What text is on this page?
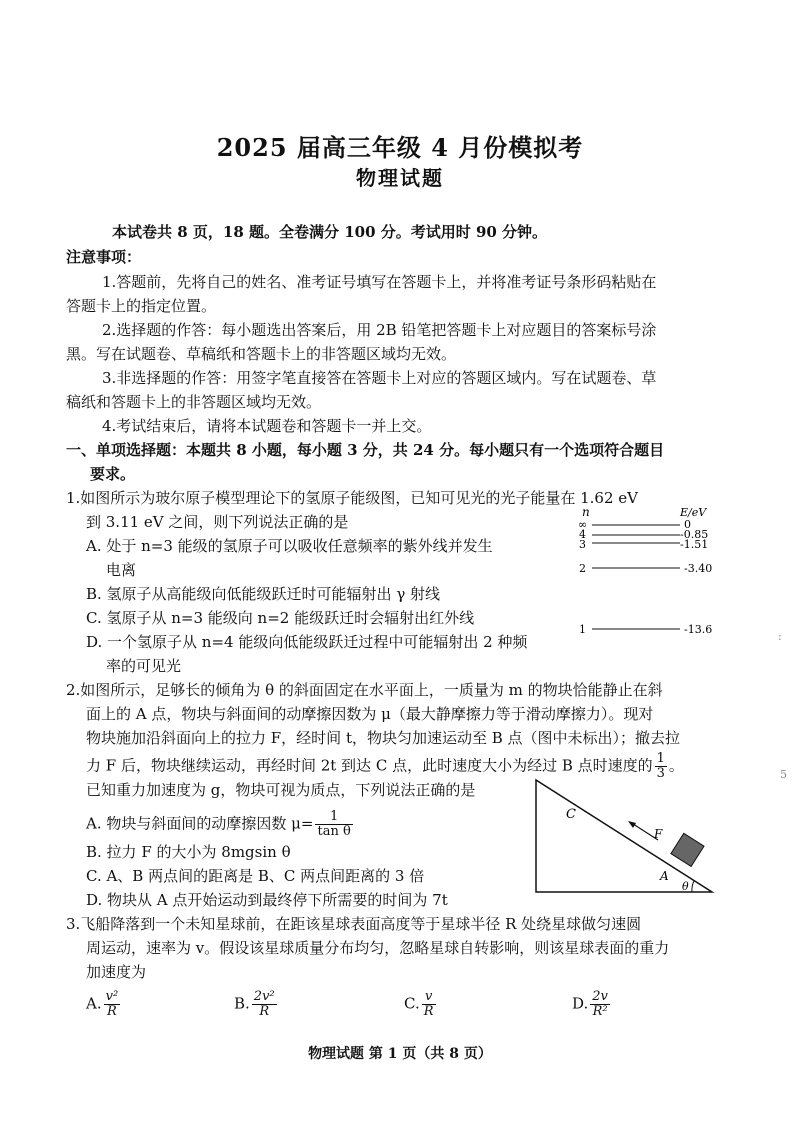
2025 届高三年级 4 月份模拟考
物理试题
本试卷共 8 页，18 题。全卷满分 100 分。考试用时 90 分钟。
注意事项：
1.答题前，先将自己的姓名、准考证号填写在答题卡上，并将准考证号条形码粘贴在
答题卡上的指定位置。
2.选择题的作答：每小题选出答案后，用 2B 铅笔把答题卡上对应题目的答案标号涂
黑。写在试题卷、草稿纸和答题卡上的非答题区域均无效。
3.非选择题的作答：用签字笔直接答在答题卡上对应的答题区域内。写在试题卷、草
稿纸和答题卡上的非答题区域均无效。
4.考试结束后，请将本试题卷和答题卡一并上交。
一、单项选择题：本题共 8 小题，每小题 3 分，共 24 分。每小题只有一个选项符合题目
要求。
1.如图所示为玻尔原子模型理论下的氢原子能级图，已知可见光的光子能量在 1.62 eV
到 3.11 eV 之间，则下列说法正确的是
A. 处于 n=3 能级的氢原子可以吸收任意频率的紫外线并发生
电离
B. 氢原子从高能级向低能级跃迁时可能辐射出 γ 射线
C. 氢原子从 n=3 能级向 n=2 能级跃迁时会辐射出红外线
D. 一个氢原子从 n=4 能级向低能级跃迁过程中可能辐射出 2 种频
率的可见光
n	E/eV
∞	0
4	-0.85
3	-1.51
2	-3.40
1	-13.6
2.如图所示，足够长的倾角为 θ 的斜面固定在水平面上，一质量为 m 的物块恰能静止在斜
面上的 A 点，物块与斜面间的动摩擦因数为 μ（最大静摩擦力等于滑动摩擦力）。现对
物块施加沿斜面向上的拉力 F，经时间 t，物块匀加速运动至 B 点（图中未标出）；撤去拉
力 F 后，物块继续运动，再经时间 2t 到达 C 点，此时速度大小为经过 B 点时速度的 $\frac{1}{3}$ 。
已知重力加速度为 g，物块可视为质点，下列说法正确的是
A. 物块与斜面间的动摩擦因数 $\mu= \frac{1}{\text{tan θ}}$
B. 拉力 F 的大小为 8mgsin θ
C. A、B 两点间的距离是 B、C 两点间距离的 3 倍
D. 物块从 A 点开始运动到最终停下所需要的时间为 7t
C
F
A
θ
3.飞船降落到一个未知星球前，在距该星球表面高度等于星球半径 R 处绕星球做匀速圆
周运动，速率为 v。假设该星球质量分布均匀，忽略星球自转影响，则该星球表面的重力
加速度为
A. $\frac{\text{v²}}{R}$	B. $\frac{\text{2v²}}{R}$	C. $\frac{v}{R}$	D. $\frac{2v}{\text{R²}}$
物理试题 第 1 页（共 8 页）
:
5
